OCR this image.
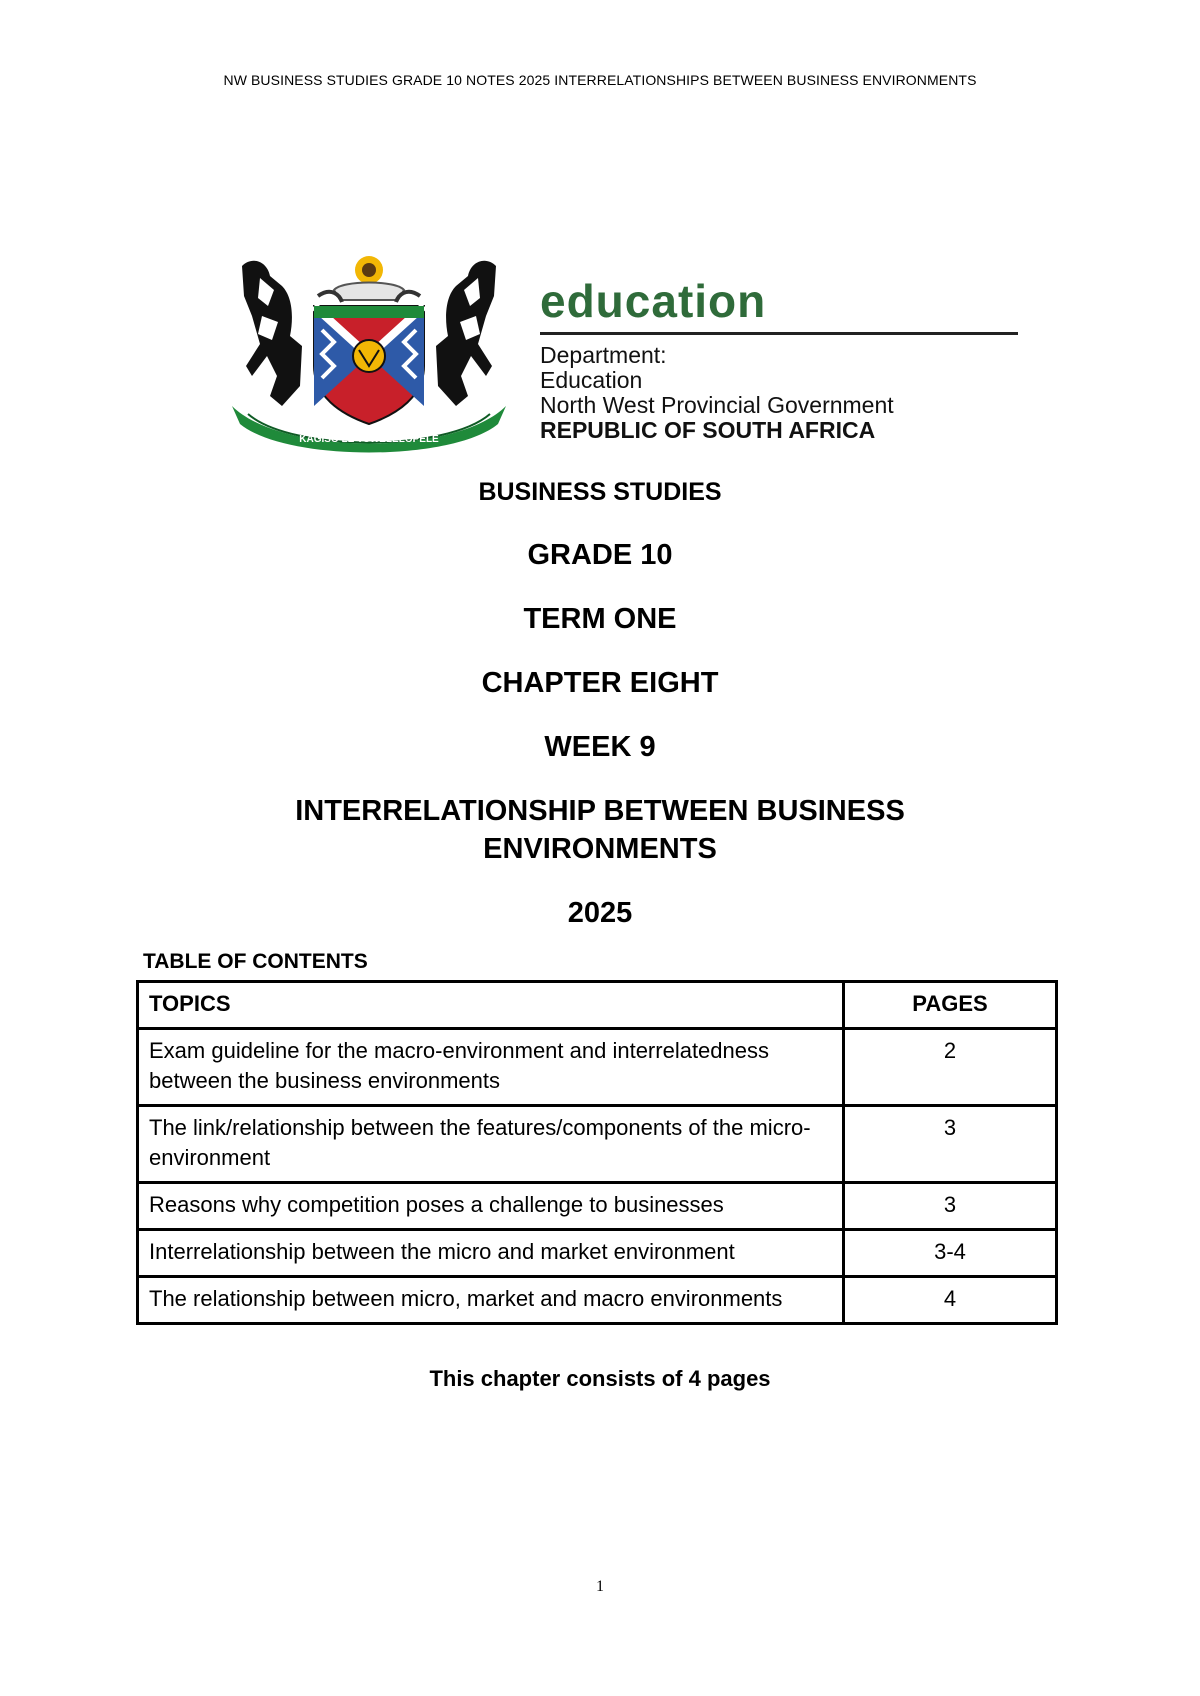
NW BUSINESS STUDIES GRADE 10 NOTES 2025 INTERRELATIONSHIPS BETWEEN BUSINESS ENVIRONMENTS
KAGISO LE TSWELELOPELE
education
Department:
Education
North West Provincial Government
REPUBLIC OF SOUTH AFRICA

BUSINESS STUDIES

GRADE 10

TERM ONE

CHAPTER EIGHT

WEEK 9

INTERRELATIONSHIP BETWEEN BUSINESS

ENVIRONMENTS

2025

TABLE OF CONTENTS
TOPICS	PAGES
Exam guideline for the macro-environment and interrelatedness between the business environments	2
The link/relationship between the features/components of the micro-environment	3
Reasons why competition poses a challenge to businesses	3
Interrelationship between the micro and market environment	3-4
The relationship between micro, market and macro environments	4
This chapter consists of 4 pages
1
